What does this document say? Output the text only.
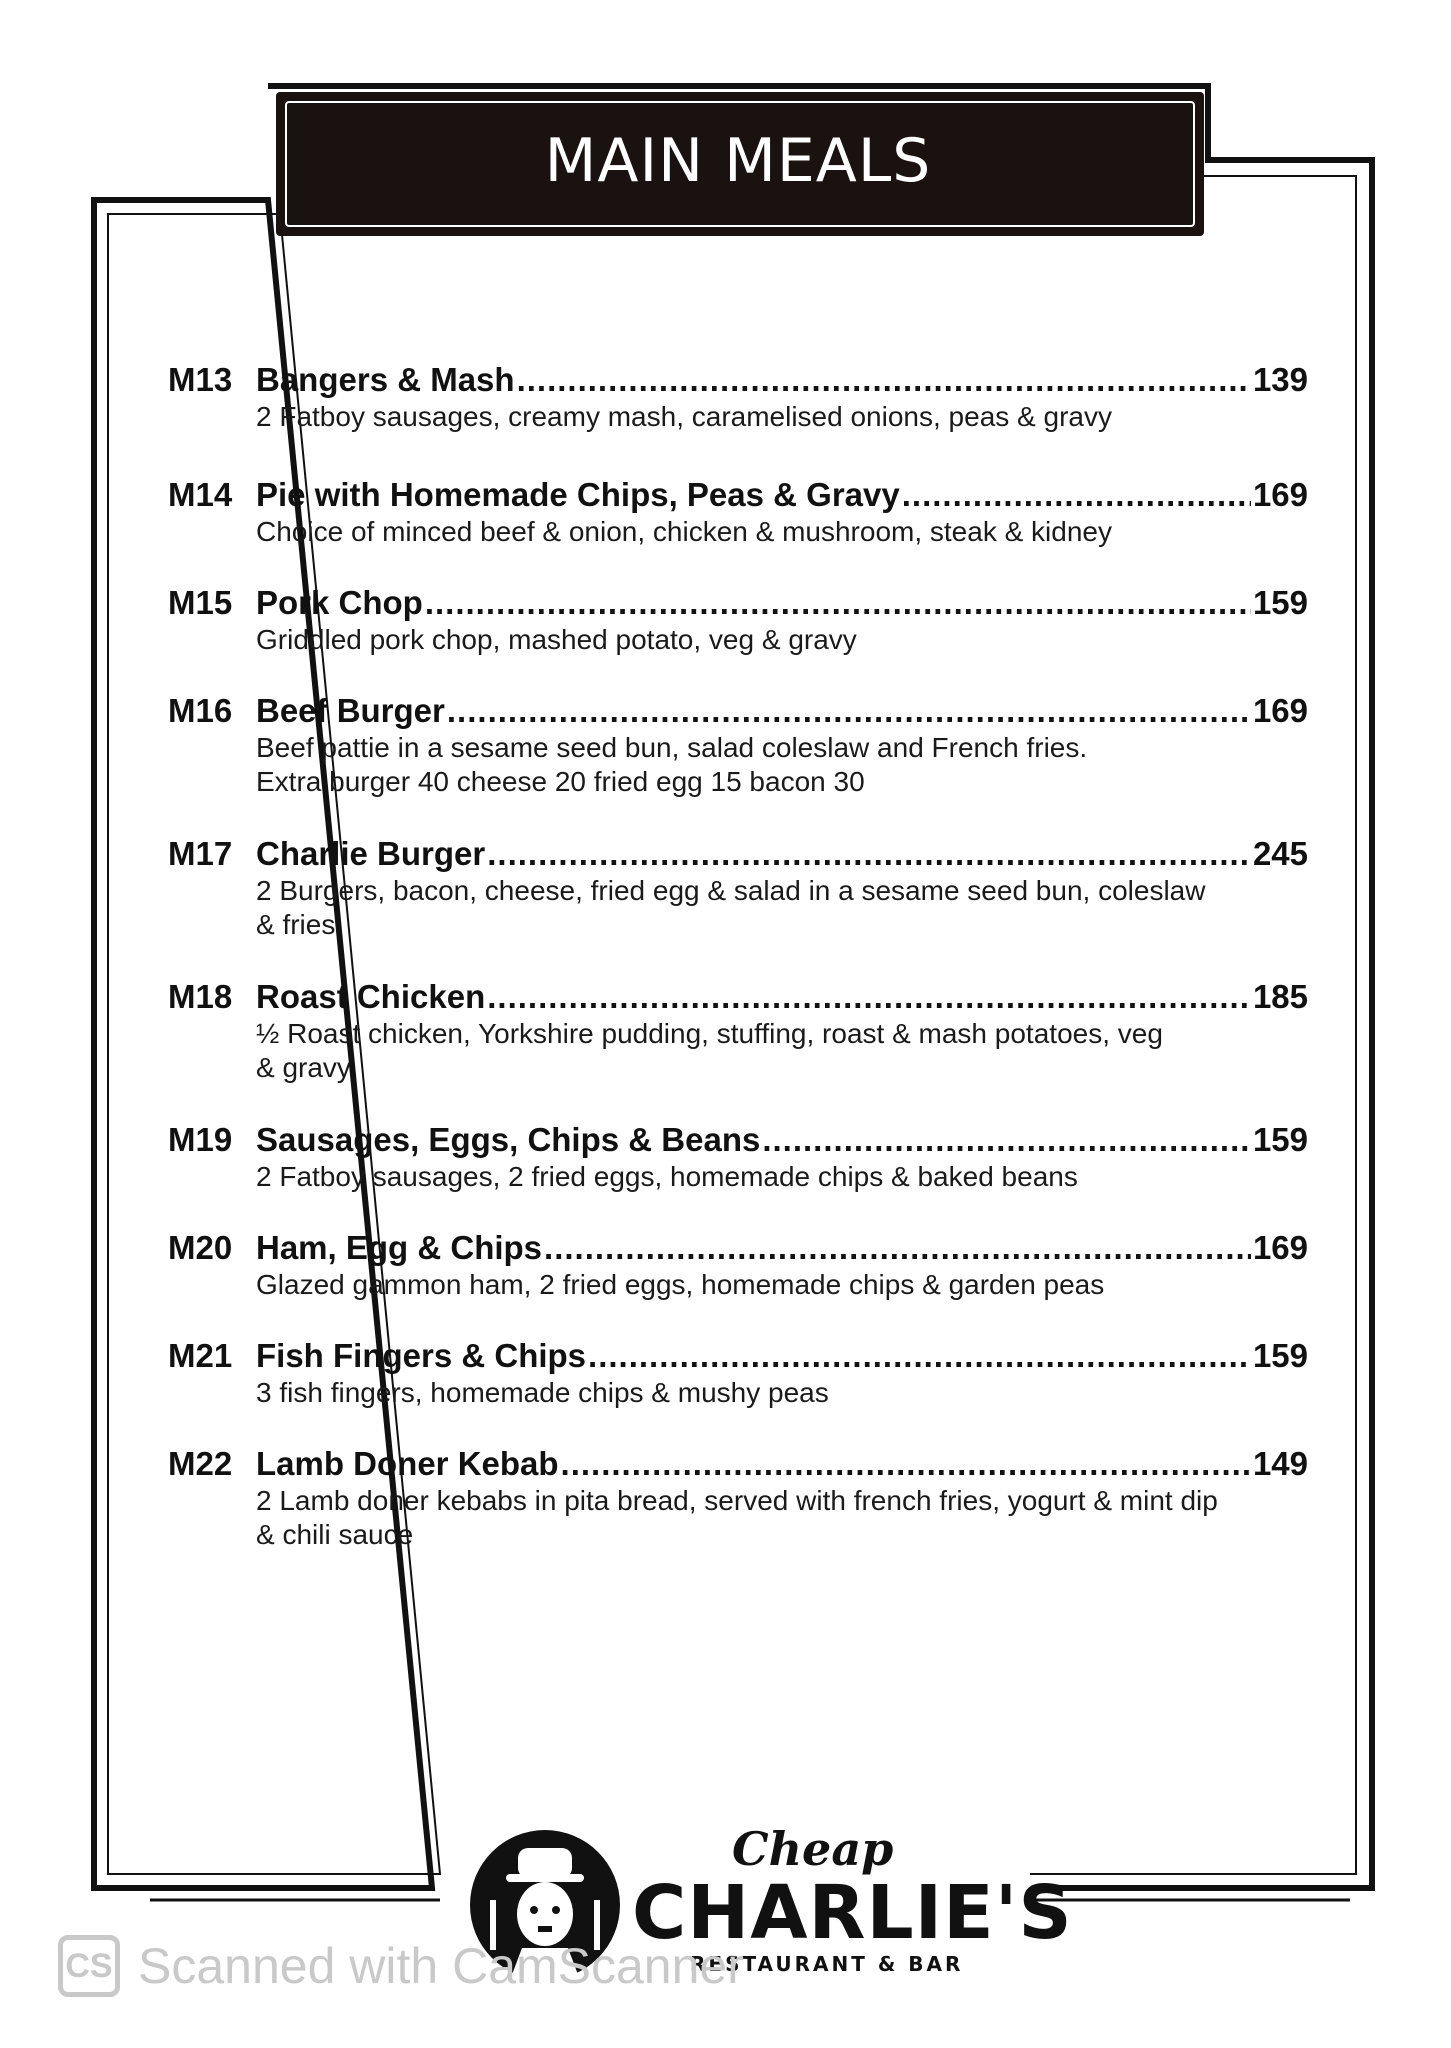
MAIN MEALS
M13 Bangers & Mash .....	139
2 Fatboy sausages, creamy mash, caramelised onions, peas & gravy
M14 Pie with Homemade Chips, Peas & Gravy .....	169
Choice of minced beef & onion, chicken & mushroom, steak & kidney
M15 Pork Chop .....	159
Griddled pork chop, mashed potato, veg & gravy
M16 Beef Burger .....	169
Beef pattie in a sesame seed bun, salad coleslaw and French fries.
Extra burger 40 cheese 20 fried egg 15 bacon 30
M17 Charlie Burger .....	245
2 Burgers, bacon, cheese, fried egg & salad in a sesame seed bun, coleslaw
& fries
M18 Roast Chicken .....	185
½ Roast chicken, Yorkshire pudding, stuffing, roast & mash potatoes, veg
& gravy
M19 Sausages, Eggs, Chips & Beans .....	159
2 Fatboy sausages, 2 fried eggs, homemade chips & baked beans
M20 Ham, Egg & Chips .....	169
Glazed gammon ham, 2 fried eggs, homemade chips & garden peas
M21 Fish Fingers & Chips .....	159
3 fish fingers, homemade chips & mushy peas
M22 Lamb Doner Kebab .....	149
2 Lamb doner kebabs in pita bread, served with french fries, yogurt & mint dip
& chili sauce
Cheap
CHARLIE'S
RESTAURANT & BAR
CS Scanned with CamScanner
